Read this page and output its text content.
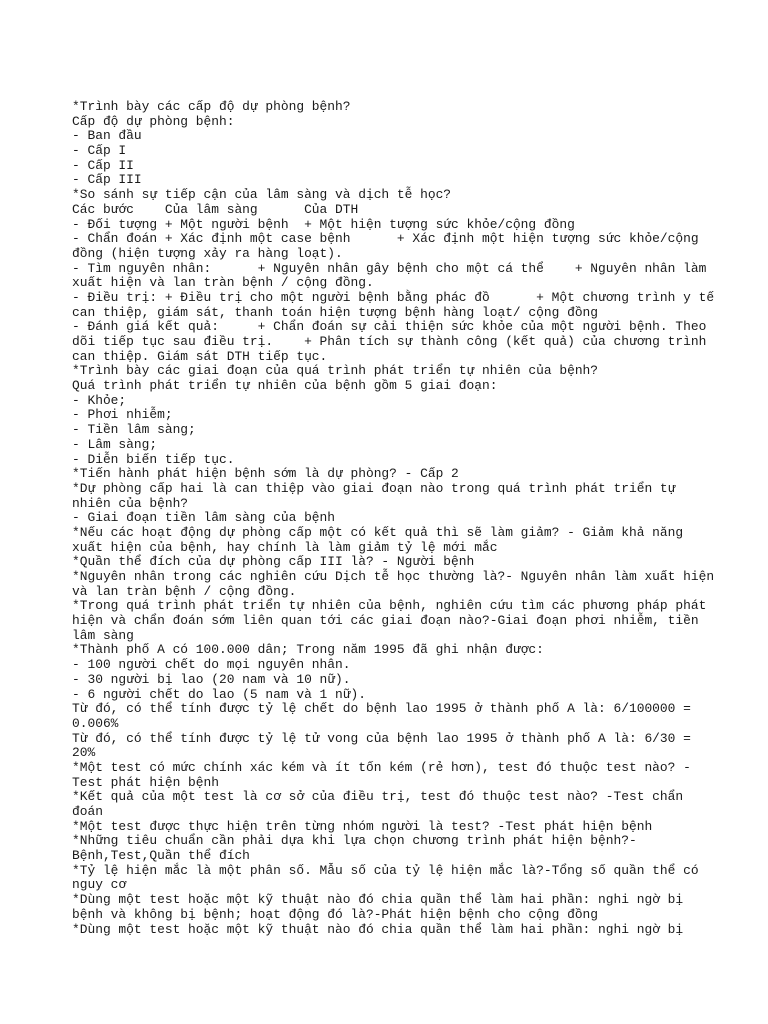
*Trình bày các cấp độ dự phòng bệnh?
Cấp độ dự phòng bệnh:
- Ban đầu
- Cấp I
- Cấp II
- Cấp III
*So sánh sự tiếp cận của lâm sàng và dịch tễ học?
Các bước    Của lâm sàng      Của DTH
- Đối tượng + Một người bệnh  + Một hiện tượng sức khỏe/cộng đồng
- Chẩn đoán + Xác định một case bệnh      + Xác định một hiện tượng sức khỏe/cộng
đồng (hiện tượng xảy ra hàng loạt).
- Tìm nguyên nhân:      + Nguyên nhân gây bệnh cho một cá thể    + Nguyên nhân làm
xuất hiện và lan tràn bệnh / cộng đồng.
- Điều trị: + Điều trị cho một người bệnh bằng phác đồ      + Một chương trình y tế
can thiệp, giám sát, thanh toán hiện tượng bệnh hàng loạt/ cộng đồng
- Đánh giá kết quả:     + Chẩn đoán sự cải thiện sức khỏe của một người bệnh. Theo
dõi tiếp tục sau điều trị.    + Phân tích sự thành công (kết quả) của chương trình
can thiệp. Giám sát DTH tiếp tục.
*Trình bày các giai đoạn của quá trình phát triển tự nhiên của bệnh?
Quá trình phát triển tự nhiên của bệnh gồm 5 giai đoạn:
- Khỏe;
- Phơi nhiễm;
- Tiền lâm sàng;
- Lâm sàng;
- Diễn biến tiếp tục.
*Tiến hành phát hiện bệnh sớm là dự phòng? - Cấp 2
*Dự phòng cấp hai là can thiệp vào giai đoạn nào trong quá trình phát triển tự
nhiên của bệnh?
- Giai đoạn tiền lâm sàng của bệnh
*Nếu các hoạt động dự phòng cấp một có kết quả thì sẽ làm giảm? - Giảm khả năng
xuất hiện của bệnh, hay chính là làm giảm tỷ lệ mới mắc
*Quần thể đích của dự phòng cấp III là? - Người bệnh
*Nguyên nhân trong các nghiên cứu Dịch tễ học thường là?- Nguyên nhân làm xuất hiện
và lan tràn bệnh / cộng đồng.
*Trong quá trình phát triển tự nhiên của bệnh, nghiên cứu tìm các phương pháp phát
hiện và chẩn đoán sớm liên quan tới các giai đoạn nào?-Giai đoạn phơi nhiễm, tiền
lâm sàng
*Thành phố A có 100.000 dân; Trong năm 1995 đã ghi nhận được:
- 100 người chết do mọi nguyên nhân.
- 30 người bị lao (20 nam và 10 nữ).
- 6 người chết do lao (5 nam và 1 nữ).
Từ đó, có thể tính được tỷ lệ chết do bệnh lao 1995 ở thành phố A là: 6/100000 =
0.006%
Từ đó, có thể tính được tỷ lệ tử vong của bệnh lao 1995 ở thành phố A là: 6/30 =
20%
*Một test có mức chính xác kém và ít tốn kém (rẻ hơn), test đó thuộc test nào? -
Test phát hiện bệnh
*Kết quả của một test là cơ sở của điều trị, test đó thuộc test nào? -Test chẩn
đoán
*Một test được thực hiện trên từng nhóm người là test? -Test phát hiện bệnh
*Những tiêu chuẩn cần phải dựa khi lựa chọn chương trình phát hiện bệnh?-
Bệnh,Test,Quần thể đích
*Tỷ lệ hiện mắc là một phân số. Mẫu số của tỷ lệ hiện mắc là?-Tổng số quần thể có
nguy cơ
*Dùng một test hoặc một kỹ thuật nào đó chia quần thể làm hai phần: nghi ngờ bị
bệnh và không bị bệnh; hoạt động đó là?-Phát hiện bệnh cho cộng đồng
*Dùng một test hoặc một kỹ thuật nào đó chia quần thể làm hai phần: nghi ngờ bị
